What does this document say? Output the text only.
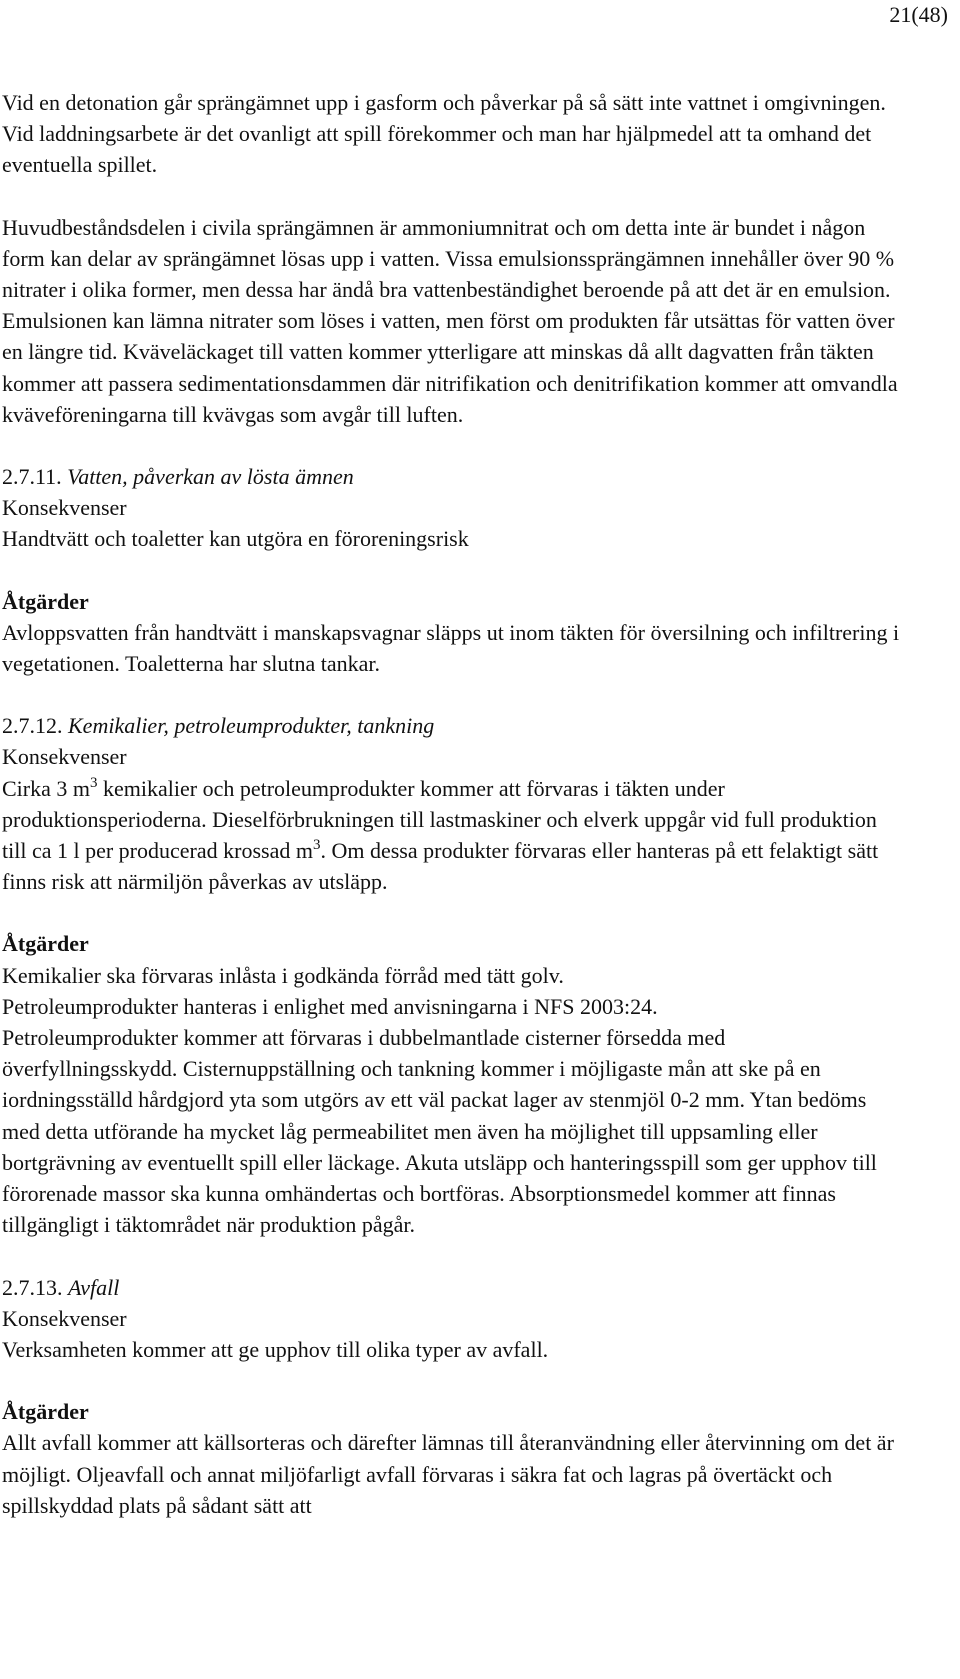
21(48)

Vid en detonation går sprängämnet upp i gasform och påverkar på så sätt inte vattnet i omgivningen. Vid laddningsarbete är det ovanligt att spill förekommer och man har hjälpmedel att ta omhand det eventuella spillet.

Huvudbeståndsdelen i civila sprängämnen är ammoniumnitrat och om detta inte är bundet i någon form kan delar av sprängämnet lösas upp i vatten. Vissa emulsionssprängämnen innehåller över 90 % nitrater i olika former, men dessa har ändå bra vattenbeständighet beroende på att det är en emulsion. Emulsionen kan lämna nitrater som löses i vatten, men först om produkten får utsättas för vatten över en längre tid. Kväveläckaget till vatten kommer ytterligare att minskas då allt dagvatten från täkten kommer att passera sedimentationsdammen där nitrifikation och denitrifikation kommer att omvandla kväveföreningarna till kvävgas som avgår till luften.

2.7.11. Vatten, påverkan av lösta ämnen
Konsekvenser

Handtvätt och toaletter kan utgöra en föroreningsrisk

Åtgärder

Avloppsvatten från handtvätt i manskapsvagnar släpps ut inom täkten för översilning och infiltrering i vegetationen. Toaletterna har slutna tankar.

2.7.12. Kemikalier, petroleumprodukter, tankning
Konsekvenser

Cirka 3 $m^3$ kemikalier och petroleumprodukter kommer att förvaras i täkten under produktionsperioderna. Dieselförbrukningen till lastmaskiner och elverk uppgår vid full produktion till ca 1 l per producerad krossad $m^3$. Om dessa produkter förvaras eller hanteras på ett felaktigt sätt finns risk att närmiljön påverkas av utsläpp.

Åtgärder
Kemikalier ska förvaras inlåsta i godkända förråd med tätt golv.
Petroleumprodukter hanteras i enlighet med anvisningarna i NFS 2003:24.

Petroleumprodukter kommer att förvaras i dubbelmantlade cisterner försedda med överfyllningsskydd. Cisternuppställning och tankning kommer i möjligaste mån att ske på en iordningsställd hårdgjord yta som utgörs av ett väl packat lager av stenmjöl 0-2 mm. Ytan bedöms med detta utförande ha mycket låg permeabilitet men även ha möjlighet till uppsamling eller bortgrävning av eventuellt spill eller läckage. Akuta utsläpp och hanteringsspill som ger upphov till förorenade massor ska kunna omhändertas och bortföras. Absorptionsmedel kommer att finnas tillgängligt i täktområdet när produktion pågår.

2.7.13. Avfall
Konsekvenser

Verksamheten kommer att ge upphov till olika typer av avfall.

Åtgärder

Allt avfall kommer att källsorteras och därefter lämnas till återanvändning eller återvinning om det är möjligt. Oljeavfall och annat miljöfarligt avfall förvaras i säkra fat och lagras på övertäckt och spillskyddad plats på sådant sätt att
